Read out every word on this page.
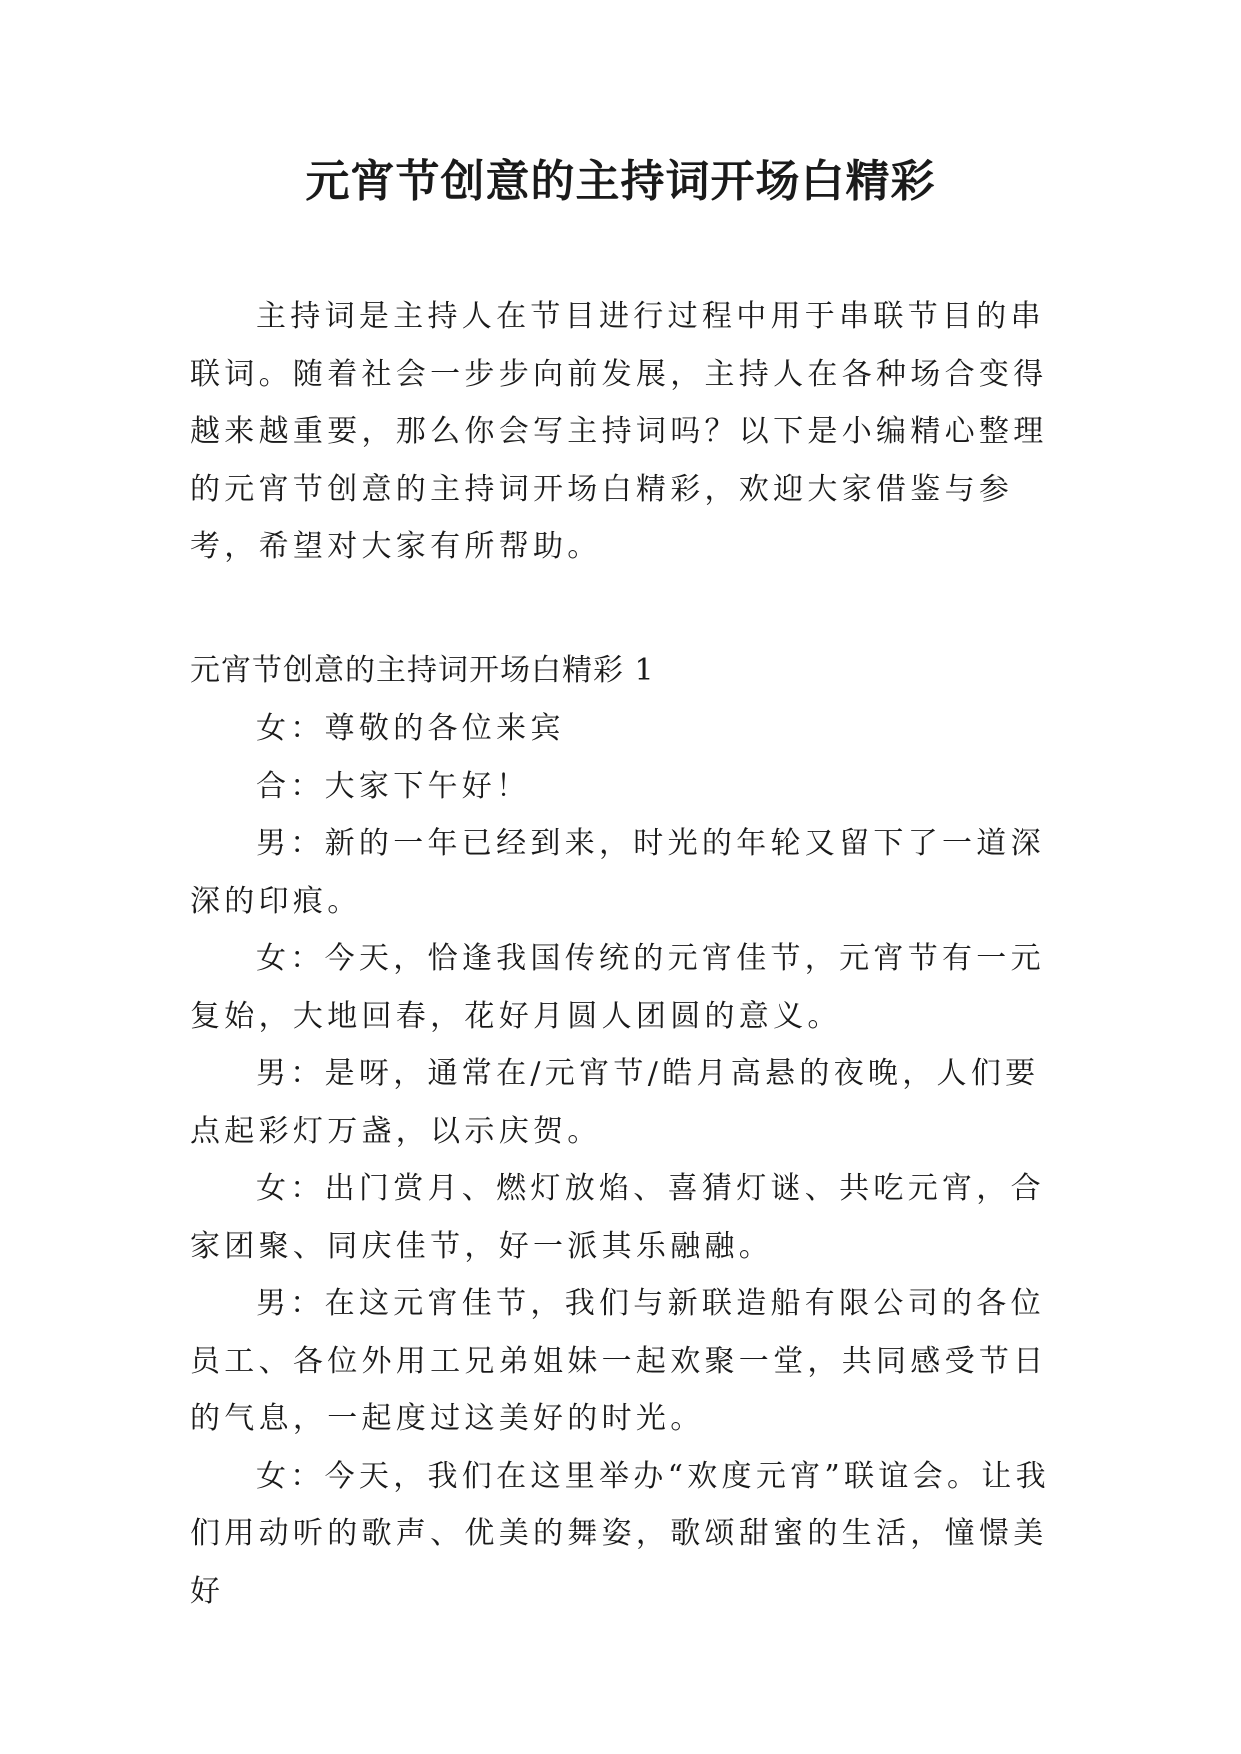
元宵节创意的主持词开场白精彩

主持词是主持人在节目进行过程中用于串联节目的串联词。随着社会一步步向前发展，主持人在各种场合变得越来越重要，那么你会写主持词吗？以下是小编精心整理的元宵节创意的主持词开场白精彩，欢迎大家借鉴与参考，希望对大家有所帮助。

元宵节创意的主持词开场白精彩 1

女：尊敬的各位来宾
合：大家下午好！
男：新的一年已经到来，时光的年轮又留下了一道深深的印痕。
女：今天，恰逢我国传统的元宵佳节，元宵节有一元复始，大地回春，花好月圆人团圆的意义。
男：是呀，通常在/元宵节/皓月高悬的夜晚，人们要点起彩灯万盏，以示庆贺。
女：出门赏月、燃灯放焰、喜猜灯谜、共吃元宵，合家团聚、同庆佳节，好一派其乐融融。
男：在这元宵佳节，我们与新联造船有限公司的各位员工、各位外用工兄弟姐妹一起欢聚一堂，共同感受节日的气息，一起度过这美好的时光。
女：今天，我们在这里举办“欢度元宵”联谊会。让我们用动听的歌声、优美的舞姿，歌颂甜蜜的生活，憧憬美好
